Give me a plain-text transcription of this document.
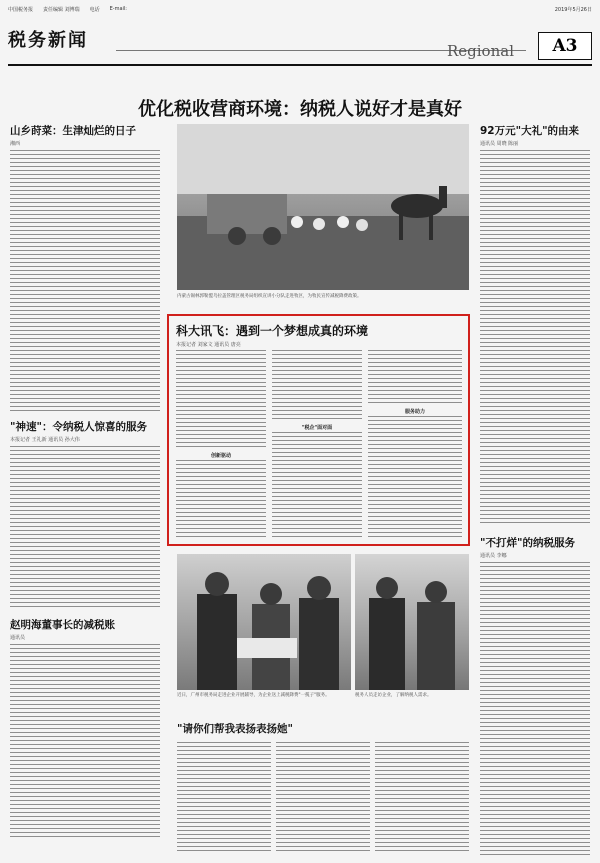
中国税务报 责任编辑 刘博瑞 电话 E-mail:	2019年5月26日
税务新闻	Regional	A3
优化税收营商环境：纳税人说好才是真好
山乡莳菜：生津灿烂的日子
湘西
"神速"：令纳税人惊喜的服务
本报记者 王礼新 通讯员 孙大伟
赵明海董事长的减税账
通讯员
内蒙古锡林郭勒盟乌拉盖管理区税务局组织宣讲小分队走进牧区，为牧民宣传减税降费政策。
科大讯飞：遇到一个梦想成真的环境
本报记者 刘家文 通讯员 唐亮
创新驱动
"税企"面对面
服务助力
近日，广州市税务局走进企业开展辅导，为企业送上减税降费"一揽子"服务。	税务人员走访企业，了解纳税人需求。
"请你们帮我表扬表扬她"
92万元"大礼"的由来
通讯员 周晓 陈丽
"不打烊"的纳税服务
通讯员 李娜
